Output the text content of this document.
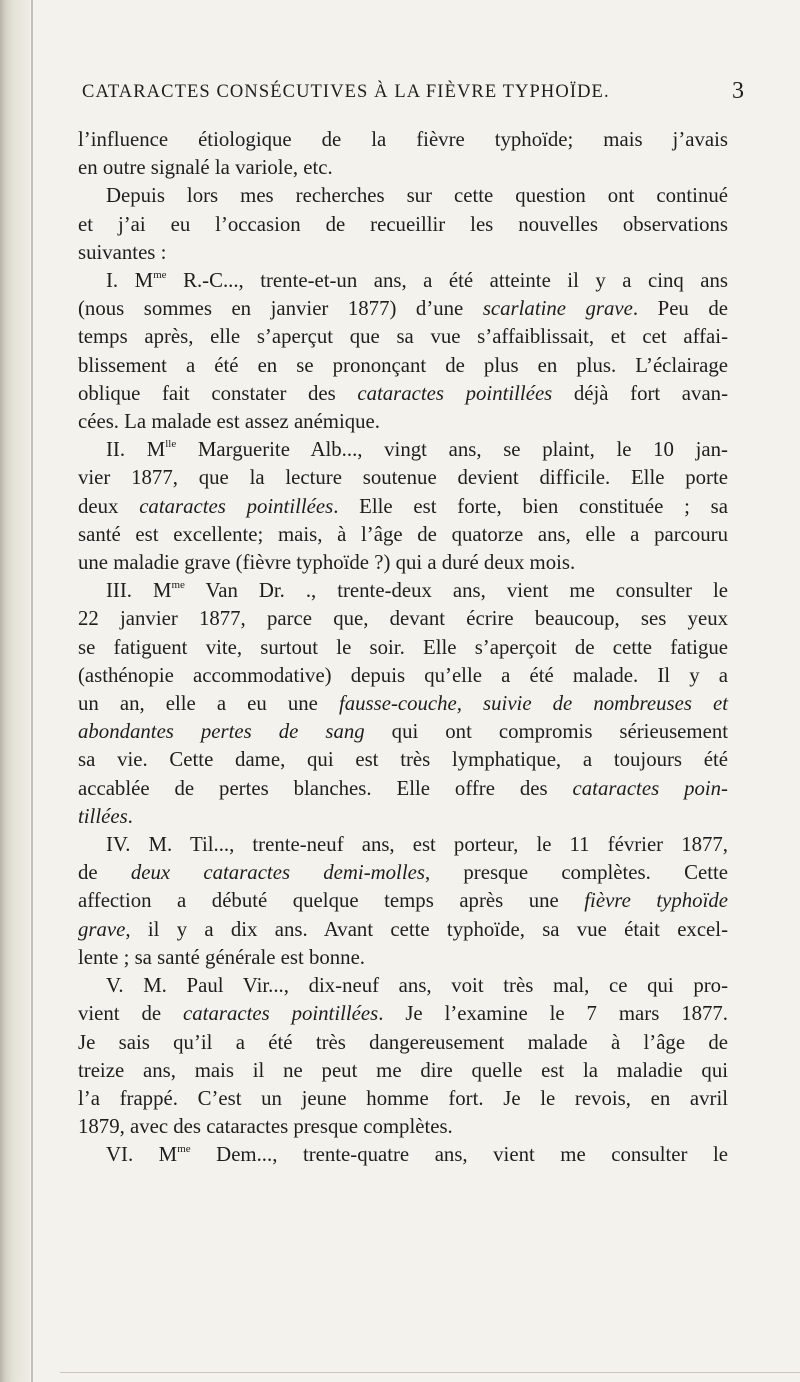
CATARACTES CONSÉCUTIVES À LA FIÈVRE TYPHOÏDE.	3
l’influence étiologique de la fièvre typhoïde; mais j’avais
en outre signalé la variole, etc.
Depuis lors mes recherches sur cette question ont continué
et j’ai eu l’occasion de recueillir les nouvelles observations
suivantes :
I. $M^{me}$ R.-C..., trente-et-un ans, a été atteinte il y a cinq ans
(nous sommes en janvier 1877) d’une scarlatine grave. Peu de
temps après, elle s’aperçut que sa vue s’affaiblissait, et cet affai-
blissement a été en se prononçant de plus en plus. L’éclairage
oblique fait constater des cataractes pointillées déjà fort avan-
cées. La malade est assez anémique.
II. $M^{lle}$ Marguerite Alb..., vingt ans, se plaint, le 10 jan-
vier 1877, que la lecture soutenue devient difficile. Elle porte
deux cataractes pointillées. Elle est forte, bien constituée ; sa
santé est excellente; mais, à l’âge de quatorze ans, elle a parcouru
une maladie grave (fièvre typhoïde ?) qui a duré deux mois.
III. $M^{me}$ Van Dr. ., trente-deux ans, vient me consulter le
22 janvier 1877, parce que, devant écrire beaucoup, ses yeux
se fatiguent vite, surtout le soir. Elle s’aperçoit de cette fatigue
(asthénopie accommodative) depuis qu’elle a été malade. Il y a
un an, elle a eu une fausse-couche, suivie de nombreuses et
abondantes pertes de sang qui ont compromis sérieusement
sa vie. Cette dame, qui est très lymphatique, a toujours été
accablée de pertes blanches. Elle offre des cataractes poin-
tillées.
IV. M. Til..., trente-neuf ans, est porteur, le 11 février 1877,
de deux cataractes demi-molles, presque complètes. Cette
affection a débuté quelque temps après une fièvre typhoïde
grave, il y a dix ans. Avant cette typhoïde, sa vue était excel-
lente ; sa santé générale est bonne.
V. M. Paul Vir..., dix-neuf ans, voit très mal, ce qui pro-
vient de cataractes pointillées. Je l’examine le 7 mars 1877.
Je sais qu’il a été très dangereusement malade à l’âge de
treize ans, mais il ne peut me dire quelle est la maladie qui
l’a frappé. C’est un jeune homme fort. Je le revois, en avril
1879, avec des cataractes presque complètes.
VI. $M^{me}$ Dem..., trente-quatre ans, vient me consulter le
